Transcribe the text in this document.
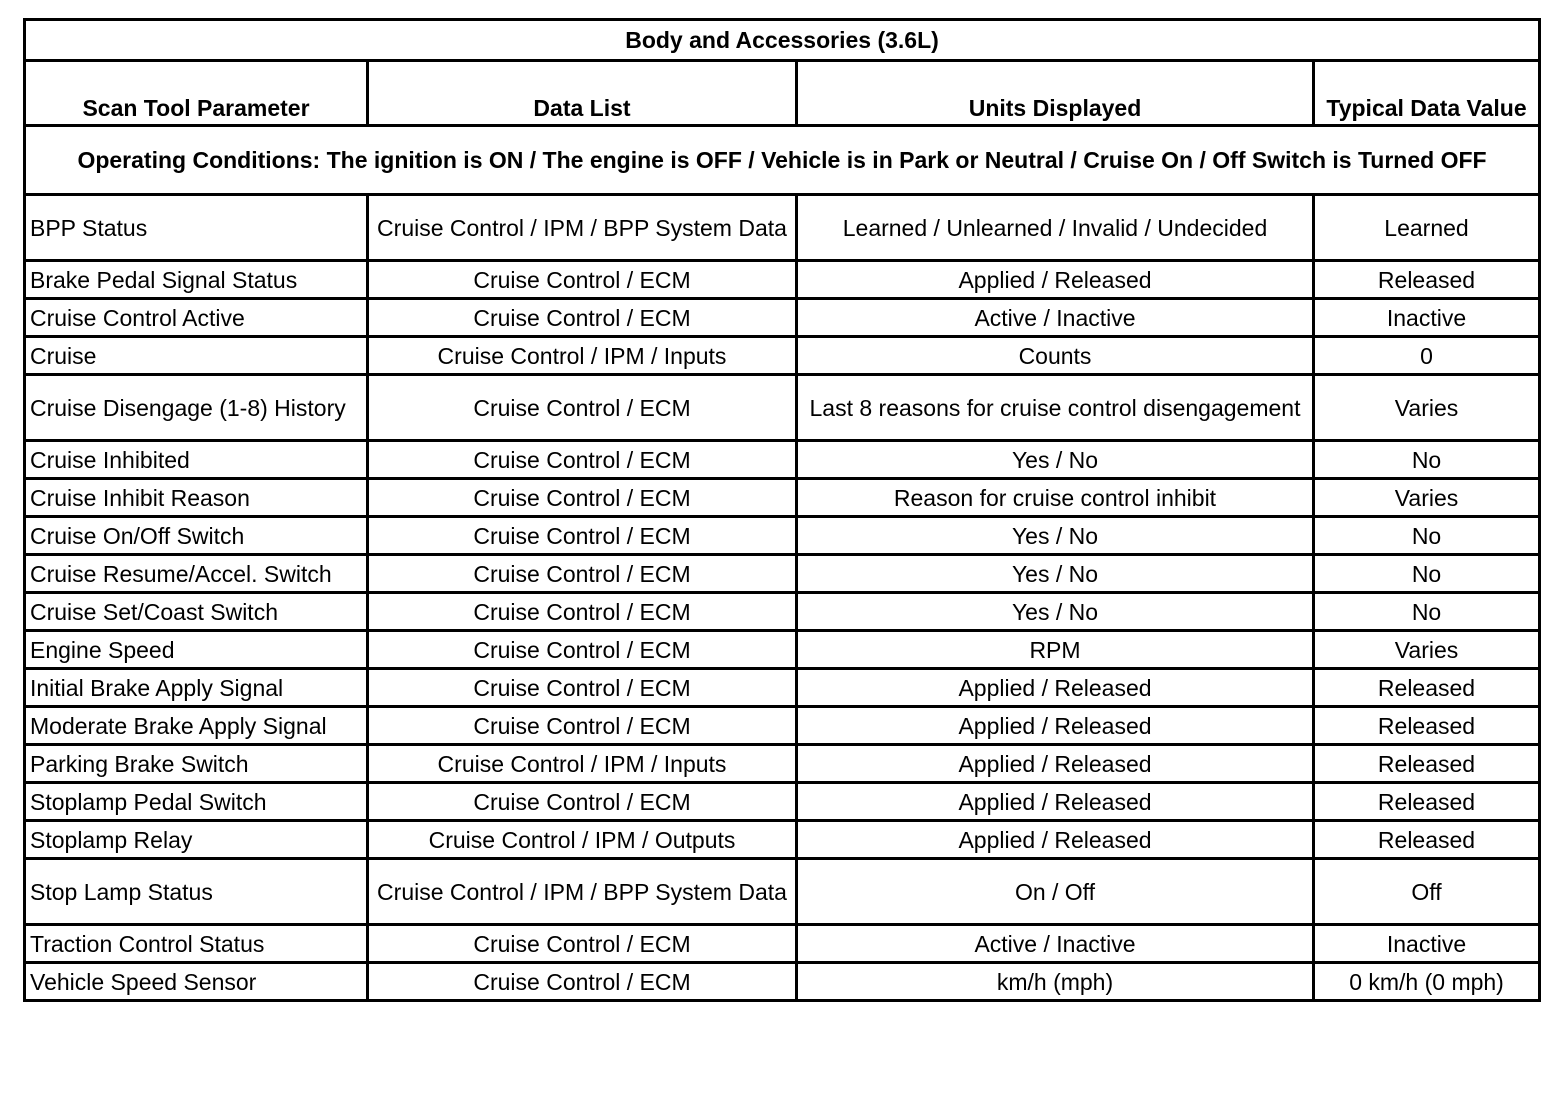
Body and Accessories (3.6L)			
Scan Tool Parameter	Data List	Units Displayed	Typical Data Value
Operating Conditions: The ignition is ON / The engine is OFF / Vehicle is in Park or Neutral / Cruise On / Off Switch is Turned OFF			
BPP Status	Cruise Control / IPM / BPP System Data	Learned / Unlearned / Invalid / Undecided	Learned
Brake Pedal Signal Status	Cruise Control / ECM	Applied / Released	Released
Cruise Control Active	Cruise Control / ECM	Active / Inactive	Inactive
Cruise	Cruise Control / IPM / Inputs	Counts	0
Cruise Disengage (1-8) History	Cruise Control / ECM	Last 8 reasons for cruise control disengagement	Varies
Cruise Inhibited	Cruise Control / ECM	Yes / No	No
Cruise Inhibit Reason	Cruise Control / ECM	Reason for cruise control inhibit	Varies
Cruise On/Off Switch	Cruise Control / ECM	Yes / No	No
Cruise Resume/Accel. Switch	Cruise Control / ECM	Yes / No	No
Cruise Set/Coast Switch	Cruise Control / ECM	Yes / No	No
Engine Speed	Cruise Control / ECM	RPM	Varies
Initial Brake Apply Signal	Cruise Control / ECM	Applied / Released	Released
Moderate Brake Apply Signal	Cruise Control / ECM	Applied / Released	Released
Parking Brake Switch	Cruise Control / IPM / Inputs	Applied / Released	Released
Stoplamp Pedal Switch	Cruise Control / ECM	Applied / Released	Released
Stoplamp Relay	Cruise Control / IPM / Outputs	Applied / Released	Released
Stop Lamp Status	Cruise Control / IPM / BPP System Data	On / Off	Off
Traction Control Status	Cruise Control / ECM	Active / Inactive	Inactive
Vehicle Speed Sensor	Cruise Control / ECM	km/h (mph)	0 km/h (0 mph)
